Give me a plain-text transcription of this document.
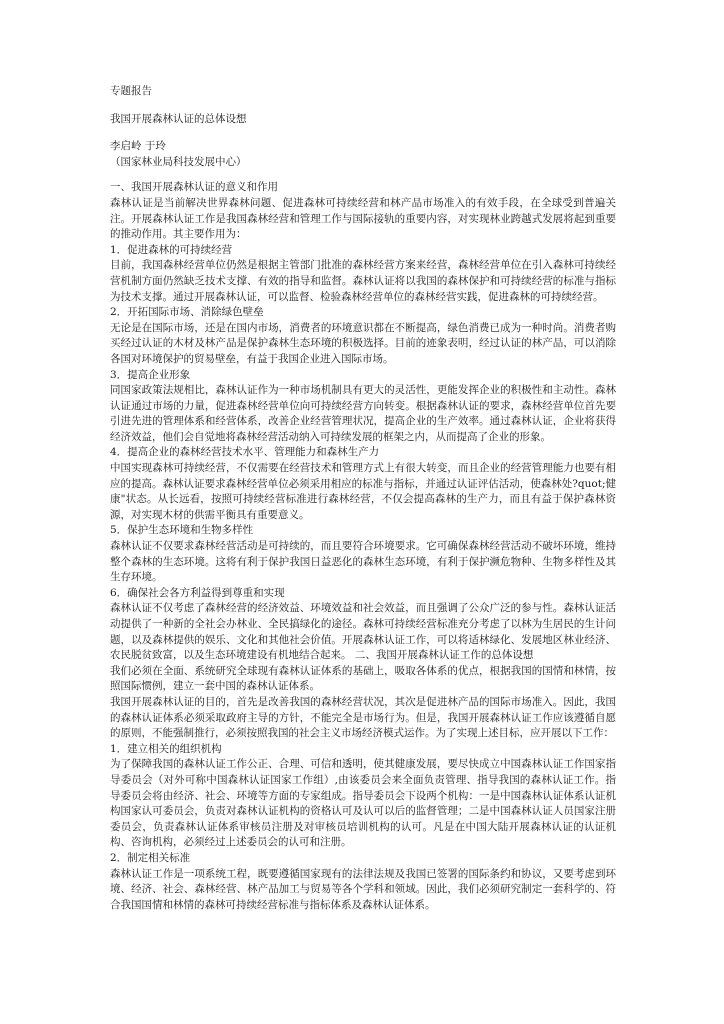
专题报告

我国开展森林认证的总体设想

李启岭 于玲

（国家林业局科技发展中心）

一、我国开展森林认证的意义和作用

森林认证是当前解决世界森林问题、促进森林可持续经营和林产品市场准入的有效手段，在全球受到普遍关注。开展森林认证工作是我国森林经营和管理工作与国际接轨的重要内容，对实现林业跨越式发展将起到重要的推动作用。其主要作用为：

1．促进森林的可持续经营

目前，我国森林经营单位仍然是根据主管部门批准的森林经营方案来经营，森林经营单位在引入森林可持续经营机制方面仍然缺乏技术支撑、有效的指导和监督。森林认证将以我国的森林保护和可持续经营的标准与指标为技术支撑。通过开展森林认证，可以监督、检验森林经营单位的森林经营实践，促进森林的可持续经营。

2．开拓国际市场、消除绿色壁垒

无论是在国际市场，还是在国内市场，消费者的环境意识都在不断提高，绿色消费已成为一种时尚。消费者购买经过认证的木材及林产品是保护森林生态环境的积极选择。目前的迹象表明，经过认证的林产品，可以消除各国对环境保护的贸易壁垒，有益于我国企业进入国际市场。

3．提高企业形象

同国家政策法规相比，森林认证作为一种市场机制具有更大的灵活性，更能发挥企业的积极性和主动性。森林认证通过市场的力量，促进森林经营单位向可持续经营方向转变。根据森林认证的要求，森林经营单位首先要引进先进的管理体系和经营体系，改善企业经营管理状况，提高企业的生产效率。通过森林认证，企业将获得经济效益，他们会自觉地将森林经营活动纳入可持续发展的框架之内，从而提高了企业的形象。

4．提高企业的森林经营技术水平、管理能力和森林生产力

中国实现森林可持续经营，不仅需要在经营技术和管理方式上有很大转变，而且企业的经营管理能力也要有相应的提高。森林认证要求森林经营单位必须采用相应的标准与指标，并通过认证评估活动，使森林处?quot;健康"状态。从长远看，按照可持续经营标准进行森林经营，不仅会提高森林的生产力，而且有益于保护森林资源，对实现木材的供需平衡具有重要意义。

5．保护生态环境和生物多样性

森林认证不仅要求森林经营活动是可持续的，而且要符合环境要求。它可确保森林经营活动不破坏环境，维持整个森林的生态环境。这将有利于保护我国日益恶化的森林生态环境，有利于保护濒危物种、生物多样性及其生存环境。

6．确保社会各方利益得到尊重和实现

森林认证不仅考虑了森林经营的经济效益、环境效益和社会效益，而且强调了公众广泛的参与性。森林认证活动提供了一种新的全社会办林业、全民搞绿化的途径。森林可持续经营标准充分考虑了以林为生居民的生计问题，以及森林提供的娱乐、文化和其他社会价值。开展森林认证工作，可以将适林绿化、发展地区林业经济、农民脱贫致富，以及生态环境建设有机地结合起来。 二、我国开展森林认证工作的总体设想

我们必须在全面、系统研究全球现有森林认证体系的基础上，吸取各体系的优点，根据我国的国情和林情，按照国际惯例，建立一套中国的森林认证体系。

我国开展森林认证的目的，首先是改善我国的森林经营状况，其次是促进林产品的国际市场准入。因此，我国的森林认证体系必须采取政府主导的方针，不能完全是市场行为。但是，我国开展森林认证工作应该遵循自愿的原则，不能强制推行，必须按照我国的社会主义市场经济模式运作。为了实现上述目标，应开展以下工作：

1．建立相关的组织机构

为了保障我国的森林认证工作公正、合理、可信和透明，使其健康发展，要尽快成立中国森林认证工作国家指导委员会（对外可称中国森林认证国家工作组）,由该委员会来全面负责管理、指导我国的森林认证工作。指导委员会将由经济、社会、环境等方面的专家组成。指导委员会下设两个机构：一是中国森林认证体系认证机构国家认可委员会，负责对森林认证机构的资格认可及认可以后的监督管理；二是中国森林认证人员国家注册委员会，负责森林认证体系审核员注册及对审核员培训机构的认可。凡是在中国大陆开展森林认证的认证机构、咨询机构，必须经过上述委员会的认可和注册。

2．制定相关标准

森林认证工作是一项系统工程，既要遵循国家现有的法律法规及我国已签署的国际条约和协议，又要考虑到环境、经济、社会、森林经营、林产品加工与贸易等各个学科和领域。因此，我们必须研究制定一套科学的、符合我国国情和林情的森林可持续经营标准与指标体系及森林认证体系。
